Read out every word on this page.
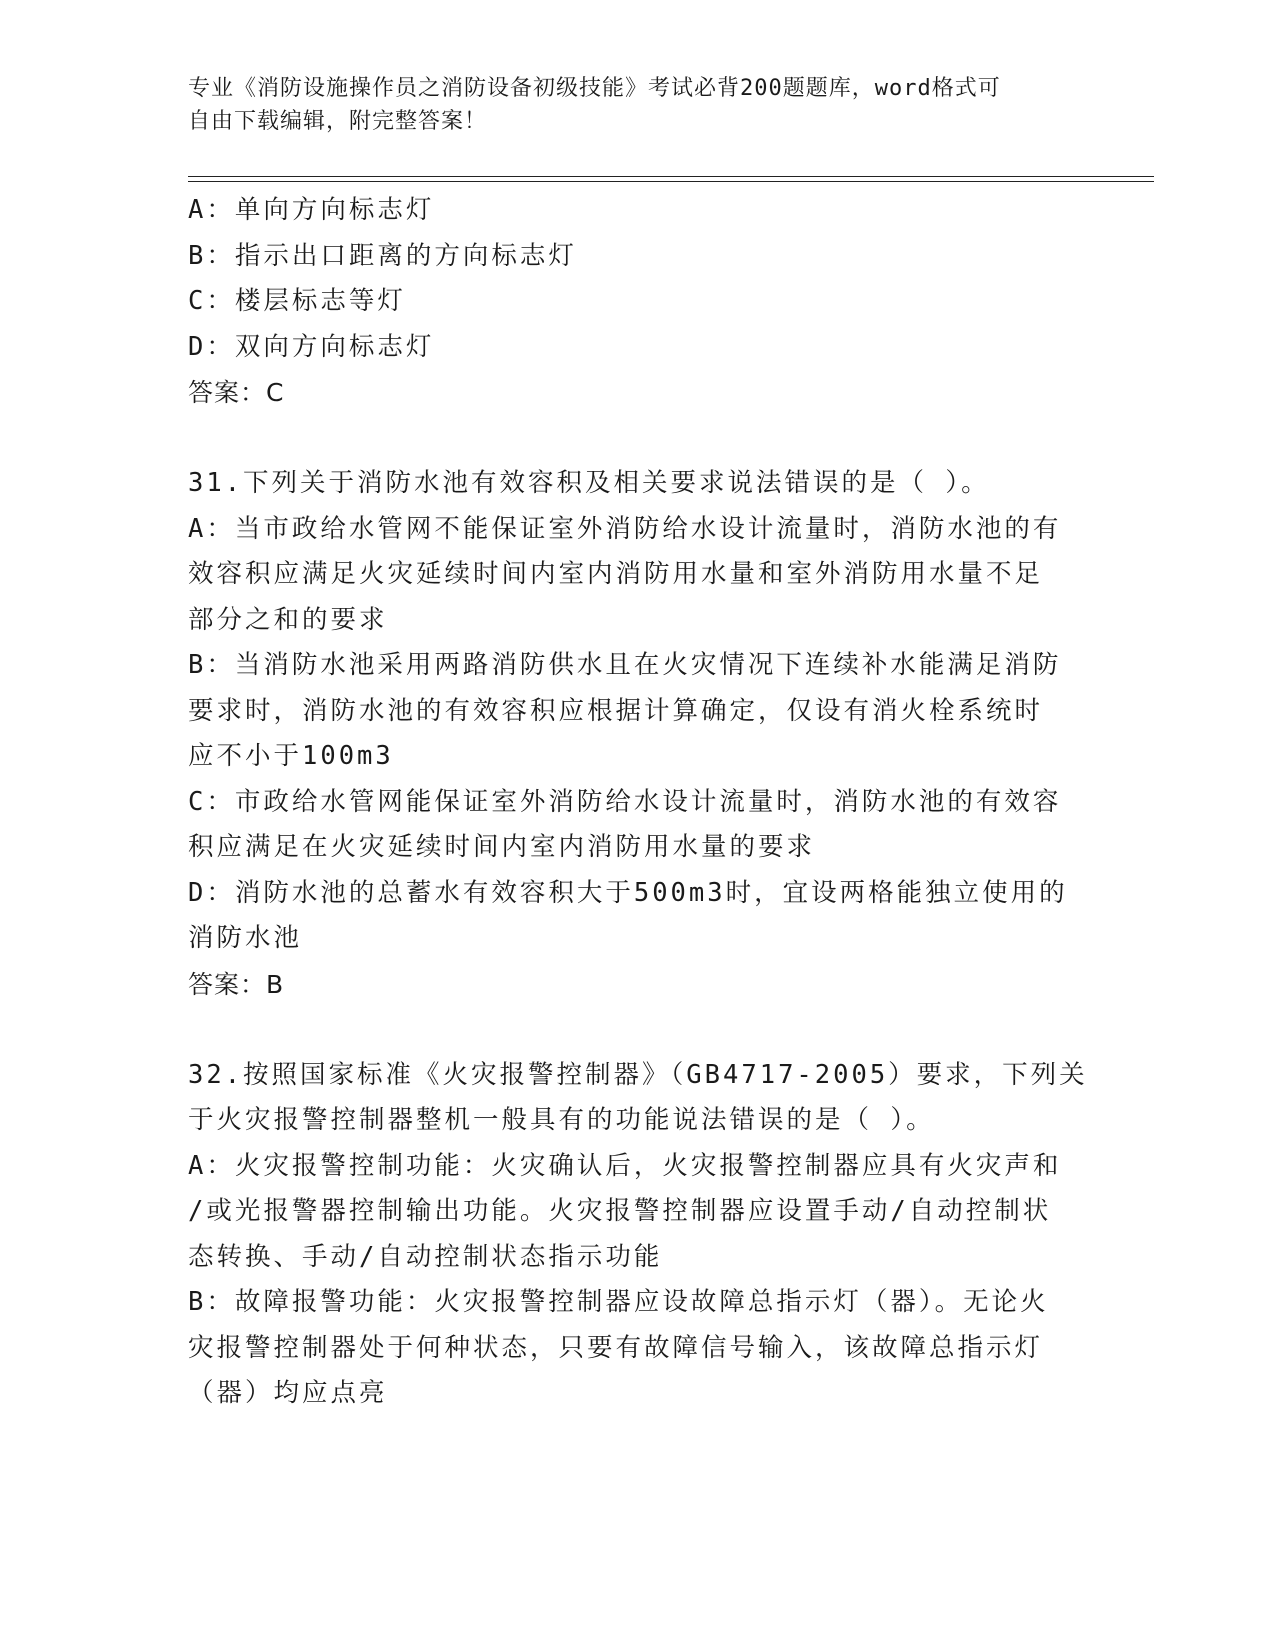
专业《消防设施操作员之消防设备初级技能》考试必背200题题库，word格式可
自由下载编辑，附完整答案！
A：单向方向标志灯
B：指示出口距离的方向标志灯
C：楼层标志等灯
D：双向方向标志灯
答案：C
31.下列关于消防水池有效容积及相关要求说法错误的是（ ）。
A：当市政给水管网不能保证室外消防给水设计流量时，消防水池的有
效容积应满足火灾延续时间内室内消防用水量和室外消防用水量不足
部分之和的要求
B：当消防水池采用两路消防供水且在火灾情况下连续补水能满足消防
要求时，消防水池的有效容积应根据计算确定，仅设有消火栓系统时
应不小于100m3
C：市政给水管网能保证室外消防给水设计流量时，消防水池的有效容
积应满足在火灾延续时间内室内消防用水量的要求
D：消防水池的总蓄水有效容积大于500m3时，宜设两格能独立使用的
消防水池
答案：B
32.按照国家标准《火灾报警控制器》（GB4717-2005）要求，下列关
于火灾报警控制器整机一般具有的功能说法错误的是（ ）。
A：火灾报警控制功能：火灾确认后，火灾报警控制器应具有火灾声和
/或光报警器控制输出功能。火灾报警控制器应设置手动/自动控制状
态转换、手动/自动控制状态指示功能
B：故障报警功能：火灾报警控制器应设故障总指示灯（器）。无论火
灾报警控制器处于何种状态，只要有故障信号输入，该故障总指示灯
（器）均应点亮
